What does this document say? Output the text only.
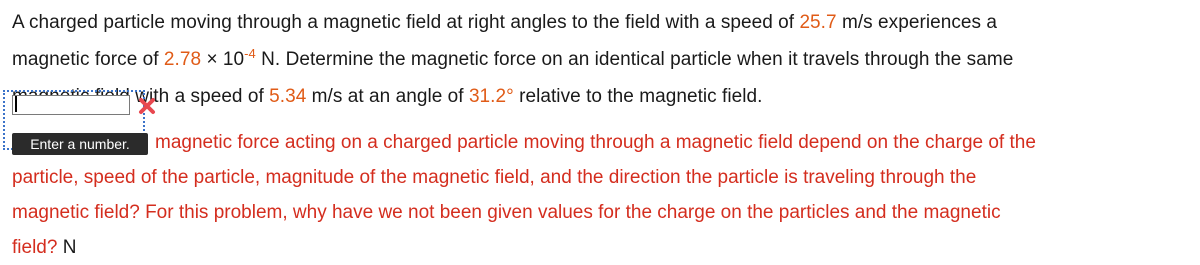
A charged particle moving through a magnetic field at right angles to the field with a speed of 25.7 m/s experiences a
magnetic force of $2.78 \times 10^{-4}$ N. Determine the magnetic force on an identical particle when it travels through the same
with a speed of 5.34 m/s at an angle of 31.2° relative to the magnetic field.
magnetic force acting on a charged particle moving through a magnetic field depend on the charge of the
particle, speed of the particle, magnitude of the magnetic field, and the direction the particle is traveling through the
magnetic field? For this problem, why have we not been given values for the charge on the particles and the magnetic
field? N
Enter a number.
